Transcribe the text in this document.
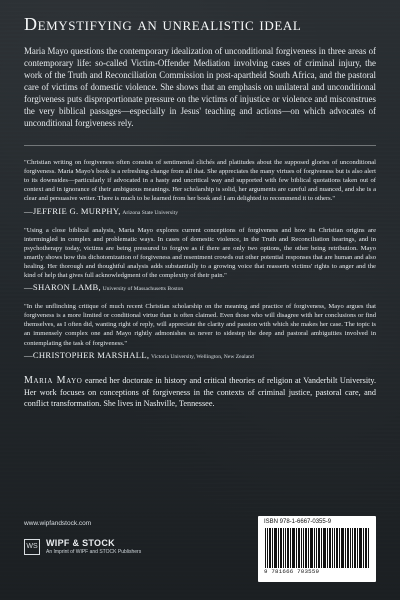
Demystifying an unrealistic ideal

Maria Mayo questions the contemporary idealization of unconditional forgiveness in three areas of contemporary life: so-called Victim-Offender Mediation involving cases of criminal injury, the work of the Truth and Reconciliation Commission in post-apartheid South Africa, and the pastoral care of victims of domestic violence. She shows that an emphasis on unilateral and unconditional forgiveness puts disproportionate pressure on the victims of injustice or violence and misconstrues the very biblical passages—especially in Jesus' teaching and actions—on which advocates of unconditional forgiveness rely.

"Christian writing on forgiveness often consists of sentimental clichés and platitudes about the supposed glories of unconditional forgiveness. Maria Mayo's book is a refreshing change from all that. She appreciates the many virtues of forgiveness but is also alert to its downsides—particularly if advocated in a hasty and uncritical way and supported with few biblical quotations taken out of context and in ignorance of their ambiguous meanings. Her scholarship is solid, her arguments are careful and nuanced, and she is a clear and persuasive writer. There is much to be learned from her book and I am delighted to recommend it to others."

—JEFFRIE G. MURPHY, Arizona State University

"Using a close biblical analysis, Maria Mayo explores current conceptions of forgiveness and how its Christian origins are intermingled in complex and problematic ways. In cases of domestic violence, in the Truth and Reconciliation hearings, and in psychotherapy today, victims are being pressured to forgive as if there are only two options, the other being retribution. Mayo smartly shows how this dichotomization of forgiveness and resentment crowds out other potential responses that are human and also healing. Her thorough and thoughtful analysis adds substantially to a growing voice that reasserts victims' rights to anger and the kind of help that gives full acknowledgment of the complexity of their pain."

—SHARON LAMB, University of Massachusetts Boston

"In the unflinching critique of much recent Christian scholarship on the meaning and practice of forgiveness, Mayo argues that forgiveness is a more limited or conditional virtue than is often claimed. Even those who will disagree with her conclusions or find themselves, as I often did, wanting right of reply, will appreciate the clarity and passion with which she makes her case. The topic is an immensely complex one and Mayo rightly admonishes us never to sidestep the deep and pastoral ambiguities involved in contemplating the task of forgiveness."

—CHRISTOPHER MARSHALL, Victoria University, Wellington, New Zealand

Maria Mayo earned her doctorate in history and critical theories of religion at Vanderbilt University. Her work focuses on conceptions of forgiveness in the contexts of criminal justice, pastoral care, and conflict transformation. She lives in Nashville, Tennessee.

www.wipfandstock.com
WS WIPF & STOCK
An Imprint of WIPF and STOCK Publishers
ISBN 978-1-6667-0355-9
9 781666 703559
